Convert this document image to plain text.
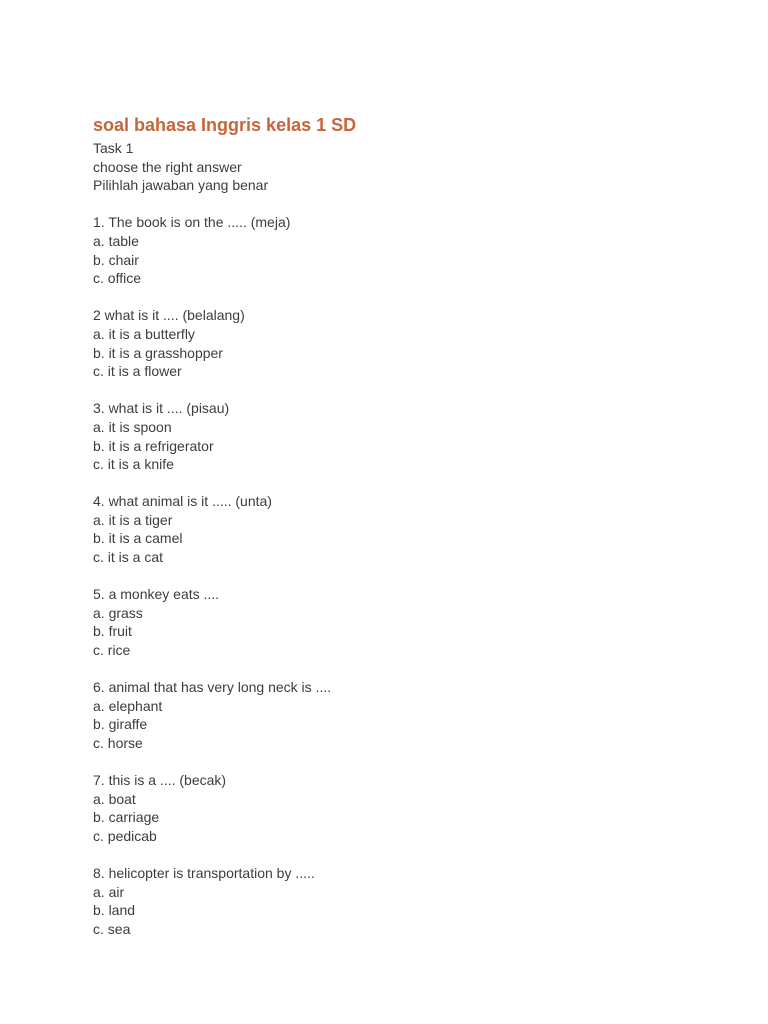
soal bahasa Inggris kelas 1 SD
Task 1
choose the right answer
Pilihlah jawaban yang benar
1. The book is on the ..... (meja)
a. table
b. chair
c. office
2 what is it .... (belalang)
a. it is a butterfly
b. it is a grasshopper
c. it is a flower
3. what is it .... (pisau)
a. it is spoon
b. it is a refrigerator
c. it is a knife
4. what animal is it ..... (unta)
a. it is a tiger
b. it is a camel
c. it is a cat
5. a monkey eats ....
a. grass
b. fruit
c. rice
6. animal that has very long neck is ....
a. elephant
b. giraffe
c. horse
7. this is a .... (becak)
a. boat
b. carriage
c. pedicab
8. helicopter is transportation by .....
a. air
b. land
c. sea
